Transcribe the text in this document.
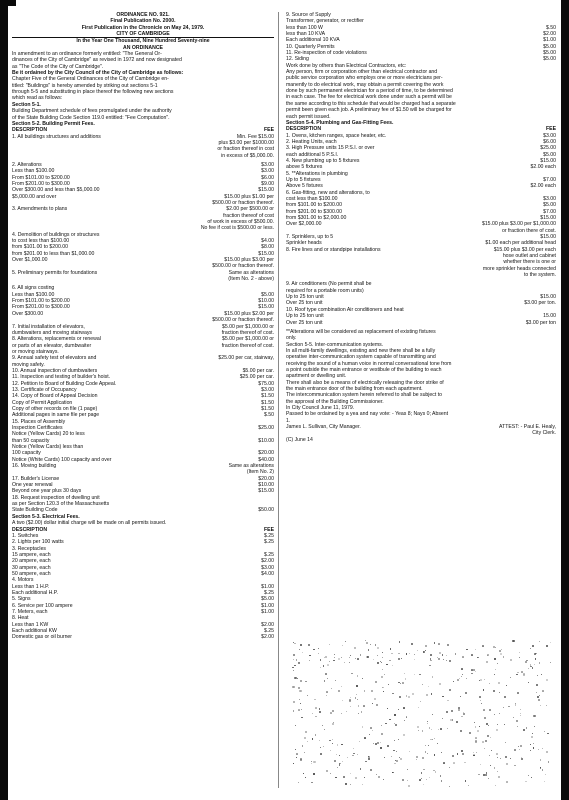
ORDINANCE NO. 921.
Final Publication No. 2000.
First Publication in the Chronicle on May 24, 1979.
CITY OF CAMBRIDGE
In the Year One Thousand, Nine Hundred Seventy-nine
AN ORDINANCE
In amendment to an ordinance formerly entitled: "The General Or-
dinances of the City of Cambridge" as revised in 1972 and now designated
as "The Code of the City of Cambridge".
Be it ordained by the City Council of the City of Cambridge as follows:
Chapter Five of the General Ordinances of the City of Cambridge en-
titled: "Buildings" is hereby amended by striking out sections 5-1
through 5-5 and substituting in place thereof the following new sections
which read as follows:
Section 5-1.
Building Department schedule of fees promulgated under the authority
of the State Building Code Section 119.0 entitled: "Fee Computation".
Section 5-2. Building Permit Fees.
DESCRIPTION	FEE
1. All buildings structures and additions	Min. Fee $15.00
plus $3.00 per $1000.00
or fraction thereof in cost
in excess of $5,000.00.
2. Alterations	$3.00
Less than $100.00	$3.00
From $101.00 to $200.00	$6.00
From $201.00 to $300.00	$9.00
Over $300.00 and less than $5,000.00	$15.00
$5,000.00 and over	$15.00 plus $1.00 per
$500.00 or fraction thereof.
3. Amendments to plans	$2.00 per $500.00 or
fraction thereof of cost
of work in excess of $500.00.
No fee if cost is $500.00 or less.
4. Demolition of buildings or structures
to cost less than $100.00	$4.00
from $101.00 to $200.00	$8.00
from $201.00 to less than $1,000.00	$15.00
Over $1,000.00	$15.00 plus $3.00 per
$500.00 or fraction thereof.
5. Preliminary permits for foundations	Same as alterations
(Item No. 2 - above)
6. All signs costing
Less than $100.00	$5.00
From $101.00 to $200.00	$10.00
From $201.00 to $300.00	$15.00
Over $300.00	$15.00 plus $2.00 per
$500.00 or fraction thereof.
7. Initial installation of elevators,	$5.00 per $1,000.00 or
dumbwaiters and moving stairways	fraction thereof of cost.
8. Alterations, replacements or renewal	$5.00 per $1,000.00 or
or parts of an elevator, dumbwaiter	fraction thereof of cost.
or moving stairways.
9. Annual safety test of elevators and	$25.00 per car, stairway,
moving safety.
10. Annual inspection of dumbwaiters	$5.00 per car.
11. Inspection and testing of builder's hoist.	$25.00 per car.
12. Petition to Board of Building Code Appeal.	$75.00
13. Certificate of Occupancy	$3.00
14. Copy of Board of Appeal Decision	$1.50
Copy of Permit Application	$1.50
Copy of other records on file (1 page)	$1.50
Additional pages in same file per page	$.50
15. Places of Assembly
Inspection Certificates	$25.00
Notice (Yellow Cards) 20 to less
than 50 capacity	$10.00
Notice (Yellow Cards) less than
100 capacity	$20.00
Notice (White Cards) 100 capacity and over	$40.00
16. Moving building	Same as alterations
(Item No. 2)
17. Builder's License	$20.00
One year renewal	$10.00
Beyond one year plus 30 days	$15.00
18. Request inspection of dwelling unit
as per Section 120.3 of the Massachusetts
State Building Code	$50.00
Section 5-3. Electrical Fees.
A two ($2.00) dollar initial charge will be made on all permits issued.
DESCRIPTION	FEE
1. Switches	$.25
2. Lights per 100 watts	$.25
3. Receptacles
15 ampere, each	$.25
20 ampere, each	$2.00
30 ampere, each	$3.00
50 ampere, each	$4.00
4. Motors
Less than 1 H.P.	$1.00
Each additional H.P.	$.25
5. Signs	$5.00
6. Service per 100 ampere	$1.00
7. Meters, each	$1.00
8. Heat
Less than 1 KW	$2.00
Each additional KW	$.25
Domestic gas or oil burner	$2.00
9. Source of Supply
Transformer, generator, or rectifier
less than 100 W	$.50
less than 10 KVA	$2.00
Each additional 10 KVA	$1.00
10. Quarterly Permits	$5.00
11. Re-inspection of code violations	$5.00
12. Siding	$5.00
Work done by others than Electrical Contractors, etc:
Any person, firm or corporation other than electrical contractor and
public service corporation who employs one or more electricians per-
manently to do electrical work, may obtain a permit covering the work
done by such permanent electrician for a period of time, to be determined
in each case. The fee for electrical work done under such a permit will be
the same according to this schedule that would be charged had a separate
permit been given each job. A preliminary fee of $1.50 will be charged for
each permit issued.
Section 5-4. Plumbing and Gas-Fitting Fees.
DESCRIPTION	FEE
1. Ovens, kitchen ranges, space heater, etc.	$3.00
2. Heating Units, each	$6.00
3. High Pressure units 15 P.S.I. or over	$25.00
each additional 5 P.S.I.	$5.00
4. New plumbing up to 5 fixtures	$15.00
above 5 fixtures	$2.00 each
5. **Alterations in plumbing
Up to 5 fixtures	$7.00
Above 5 fixtures	$2.00 each
6. Gas-fitting, new and alterations, to
cost less than $100.00	$3.00
from $101.00 to $200.00	$5.00
from $201.00 to $300.00	$7.00
from $301.00 to $2,000.00	$15.00
Over $2,000.00	$15.00 plus $3.00 per $1,000.00
or fraction there of cost.
7. Sprinklers, up to 5	$15.00
Sprinkler heads	$1.00 each per additional head
8. Fire lines and or standpipe installations	$15.00 plus $3.00 per each
hose outlet and cabinet
whether there is one or
more sprinkler heads connected
to the system.
9. Air conditioners (No permit shall be
required for a portable room units)
Up to 25 ton unit	$15.00
Over 25 ton unit	$3.00 per ton.
10. Roof type combination Air conditioners and heat
Up to 25 ton unit	15.00
Over 25 ton unit	$3.00 per ton
**Alterations will be considered as replacement of existing fixtures
only.
Section 5-5. Inter-communication systems.
In all multi-family dwellings, existing and new there shall be a fully
operative inter-communication system capable of transmitting and
receiving the sound of a human voice in normal conversational tone from
a point outside the main entrance or vestibule of the building to each
apartment or dwelling unit.
There shall also be a means of electrically releasing the door strike of
the main entrance door of the building from each apartment.
The intercommunication system herein referred to shall be subject to
the approval of the Building Commissioner.
In City Council June 11, 1979.
Passed to be ordained by a yea and nay vote: - Yeas 8; Nays 0; Absent
1.
James L. Sullivan, City Manager.	ATTEST: - Paul E. Healy,
City Clerk.
(C) June 14
